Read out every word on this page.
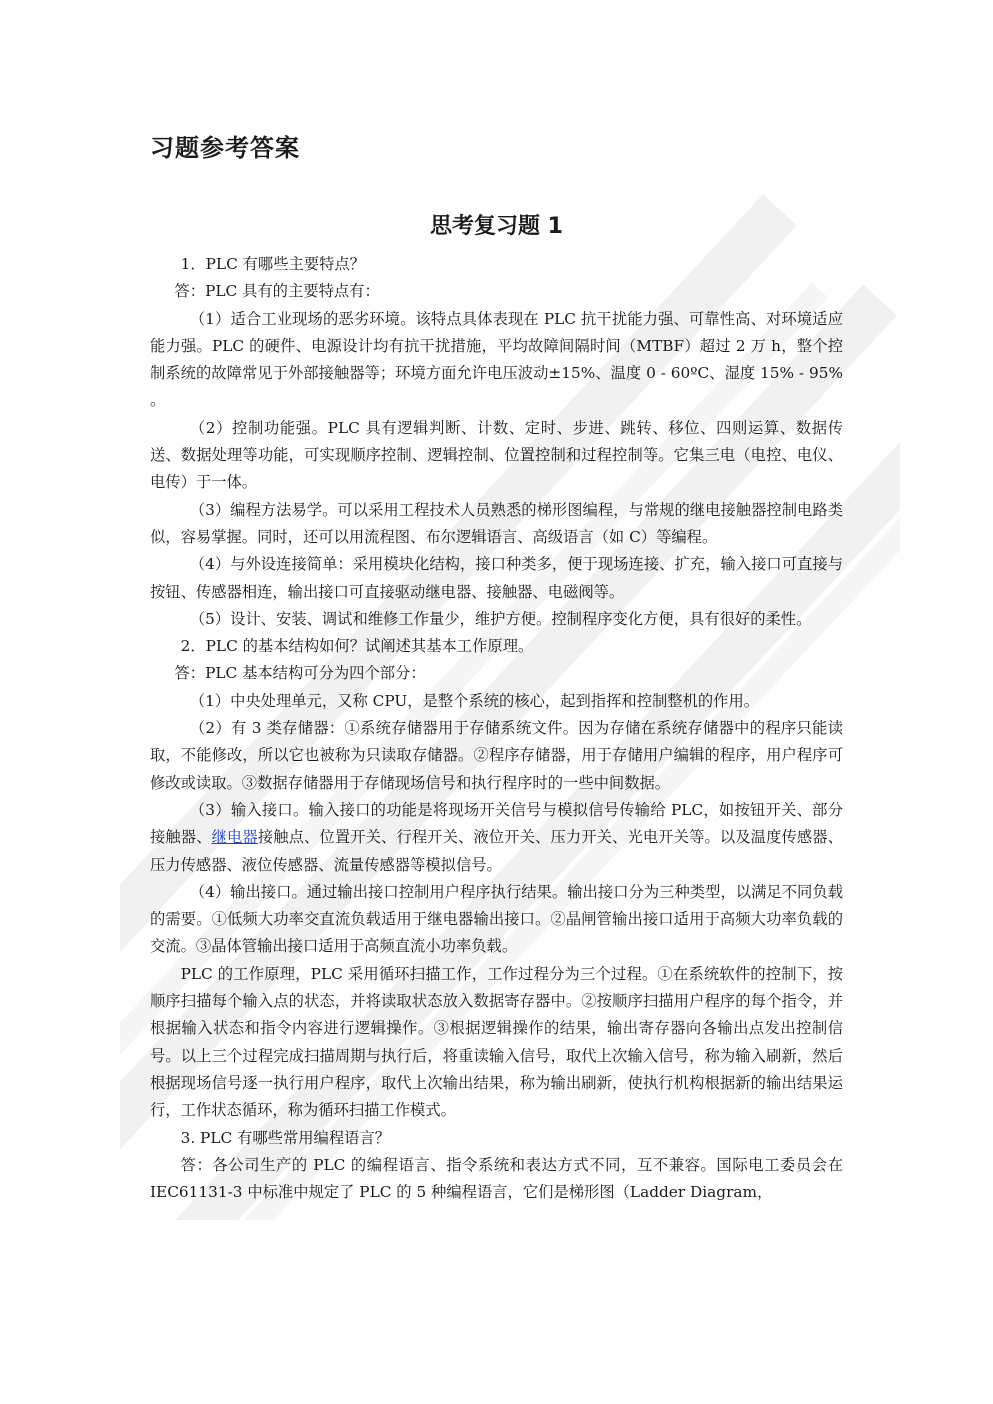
习题参考答案
思考复习题 1

1．PLC 有哪些主要特点？

答：PLC 具有的主要特点有：

（1）适合工业现场的恶劣环境。该特点具体表现在 PLC 抗干扰能力强、可靠性高、对环境适应能力强。PLC 的硬件、电源设计均有抗干扰措施，平均故障间隔时间（MTBF）超过 2 万 h，整个控制系统的故障常见于外部接触器等；环境方面允许电压波动±15%、温度 0 - 60ºC、湿度 15% - 95% 。

（2）控制功能强。PLC 具有逻辑判断、计数、定时、步进、跳转、移位、四则运算、数据传送、数据处理等功能，可实现顺序控制、逻辑控制、位置控制和过程控制等。它集三电（电控、电仪、电传）于一体。

（3）编程方法易学。可以采用工程技术人员熟悉的梯形图编程，与常规的继电接触器控制电路类似，容易掌握。同时，还可以用流程图、布尔逻辑语言、高级语言（如 C）等编程。

（4）与外设连接简单：采用模块化结构，接口种类多，便于现场连接、扩充，输入接口可直接与按钮、传感器相连，输出接口可直接驱动继电器、接触器、电磁阀等。

（5）设计、安装、调试和维修工作量少，维护方便。控制程序变化方便，具有很好的柔性。

2．PLC 的基本结构如何？试阐述其基本工作原理。

答：PLC 基本结构可分为四个部分：

（1）中央处理单元，又称 CPU，是整个系统的核心，起到指挥和控制整机的作用。

（2）有 3 类存储器：①系统存储器用于存储系统文件。因为存储在系统存储器中的程序只能读取，不能修改，所以它也被称为只读取存储器。②程序存储器，用于存储用户编辑的程序，用户程序可修改或读取。③数据存储器用于存储现场信号和执行程序时的一些中间数据。

（3）输入接口。输入接口的功能是将现场开关信号与模拟信号传输给 PLC，如按钮开关、部分接触器、继电器接触点、位置开关、行程开关、液位开关、压力开关、光电开关等。以及温度传感器、压力传感器、液位传感器、流量传感器等模拟信号。

（4）输出接口。通过输出接口控制用户程序执行结果。输出接口分为三种类型，以满足不同负载的需要。①低频大功率交直流负载适用于继电器输出接口。②晶闸管输出接口适用于高频大功率负载的交流。③晶体管输出接口适用于高频直流小功率负载。

PLC 的工作原理，PLC 采用循环扫描工作，工作过程分为三个过程。①在系统软件的控制下，按顺序扫描每个输入点的状态，并将读取状态放入数据寄存器中。②按顺序扫描用户程序的每个指令，并根据输入状态和指令内容进行逻辑操作。③根据逻辑操作的结果，输出寄存器向各输出点发出控制信号。以上三个过程完成扫描周期与执行后，将重读输入信号，取代上次输入信号，称为输入刷新，然后根据现场信号逐一执行用户程序，取代上次输出结果，称为输出刷新，使执行机构根据新的输出结果运行，工作状态循环，称为循环扫描工作模式。

3. PLC 有哪些常用编程语言？

答：各公司生产的 PLC 的编程语言、指令系统和表达方式不同，互不兼容。国际电工委员会在 IEC61131-3 中标准中规定了 PLC 的 5 种编程语言，它们是梯形图（Ladder Diagram，
